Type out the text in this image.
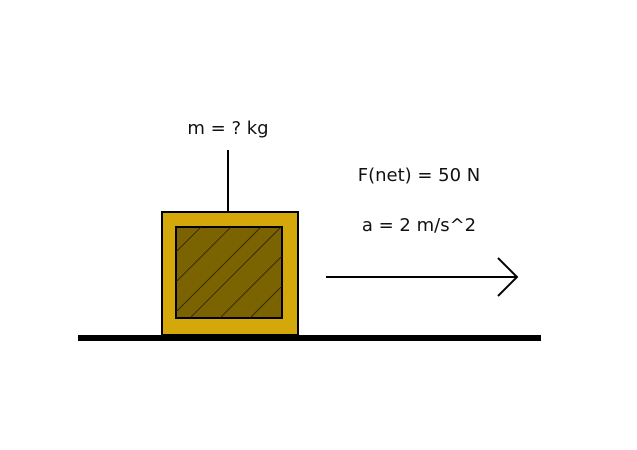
m = ? kg
F(net) = 50 N
a = 2 m/s^2
